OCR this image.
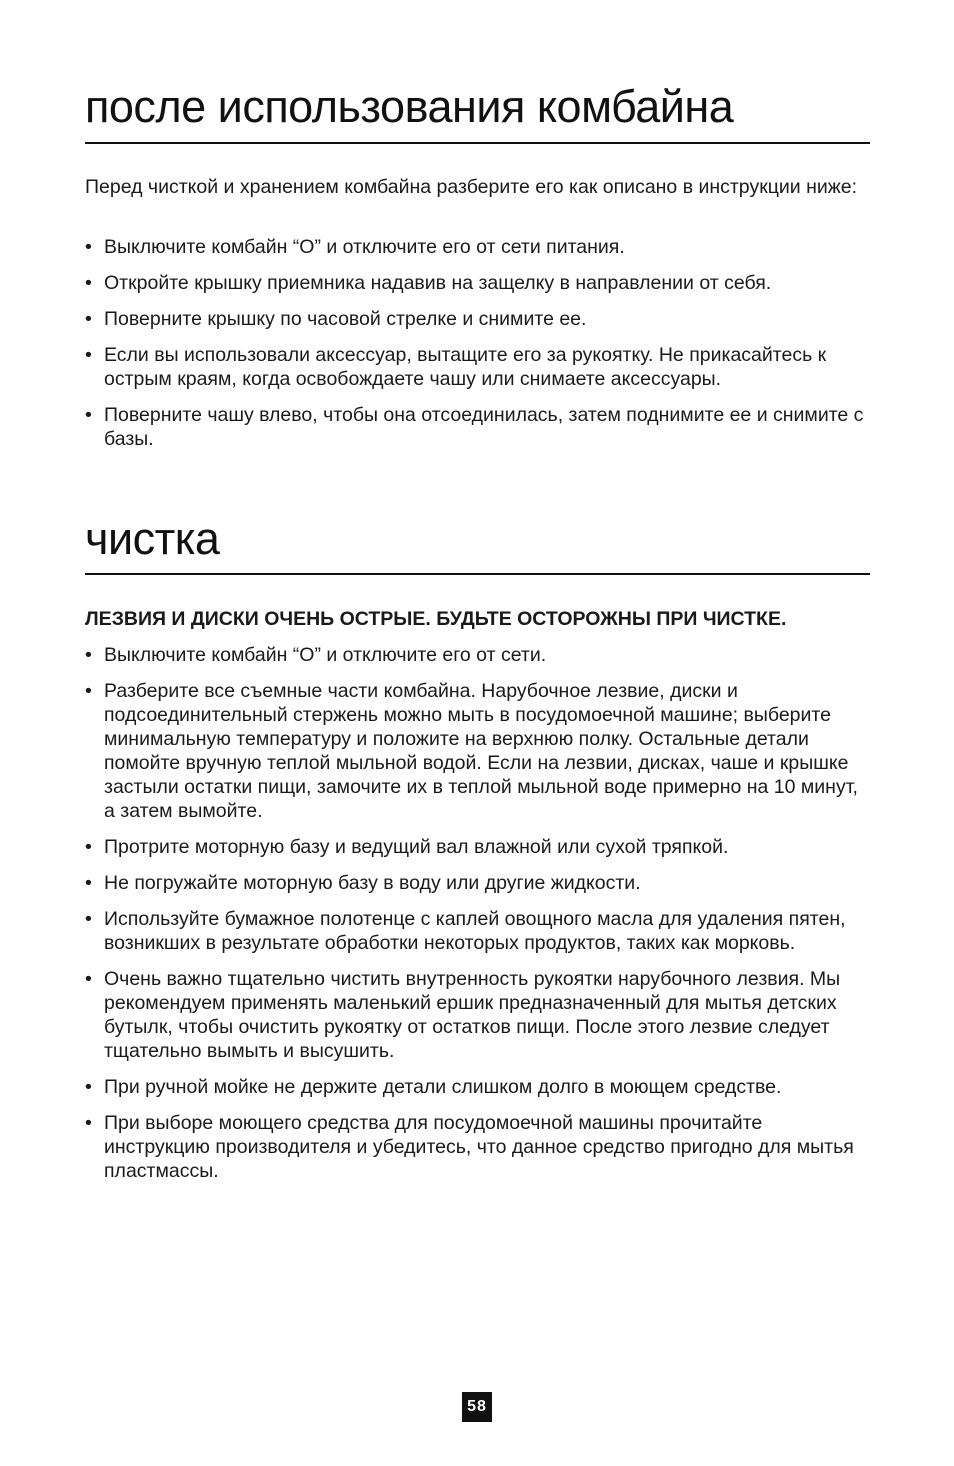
после использования комбайна

Перед чисткой и хранением комбайна разберите его как описано в инструкции ниже:

• Выключите комбайн “O” и отключите его от сети питания.
• Откройте крышку приемника надавив на защелку в направлении от себя.
• Поверните крышку по часовой стрелке и снимите ее.
• Если вы использовали аксессуар, вытащите его за рукоятку. Не прикасайтесь к острым краям, когда освобождаете чашу или снимаете аксессуары.
• Поверните чашу влево, чтобы она отсоединилась, затем поднимите ее и снимите с базы.
чистка

ЛЕЗВИЯ И ДИСКИ ОЧЕНЬ ОСТРЫЕ. БУДЬТЕ ОСТОРОЖНЫ ПРИ ЧИСТКЕ.

• Выключите комбайн “O” и отключите его от сети.
• Разберите все съемные части комбайна. Нарубочное лезвие, диски и подсоединительный стержень можно мыть в посудомоечной машине; выберите минимальную температуру и положите на верхнюю полку. Остальные детали помойте вручную теплой мыльной водой. Если на лезвии, дисках, чаше и крышке застыли остатки пищи, замочите их в теплой мыльной воде примерно на 10 минут, а затем вымойте.
• Протрите моторную базу и ведущий вал влажной или сухой тряпкой.
• Не погружайте моторную базу в воду или другие жидкости.
• Используйте бумажное полотенце с каплей овощного масла для удаления пятен, возникших в результате обработки некоторых продуктов, таких как морковь.
• Очень важно тщательно чистить внутренность рукоятки нарубочного лезвия. Мы рекомендуем применять маленький ершик предназначенный для мытья детских бутылк, чтобы очистить рукоятку от остатков пищи. После этого лезвие следует тщательно вымыть и высушить.
• При ручной мойке не держите детали слишком долго в моющем средстве.
• При выборе моющего средства для посудомоечной машины прочитайте инструкцию производителя и убедитесь, что данное средство пригодно для мытья пластмассы.
58
